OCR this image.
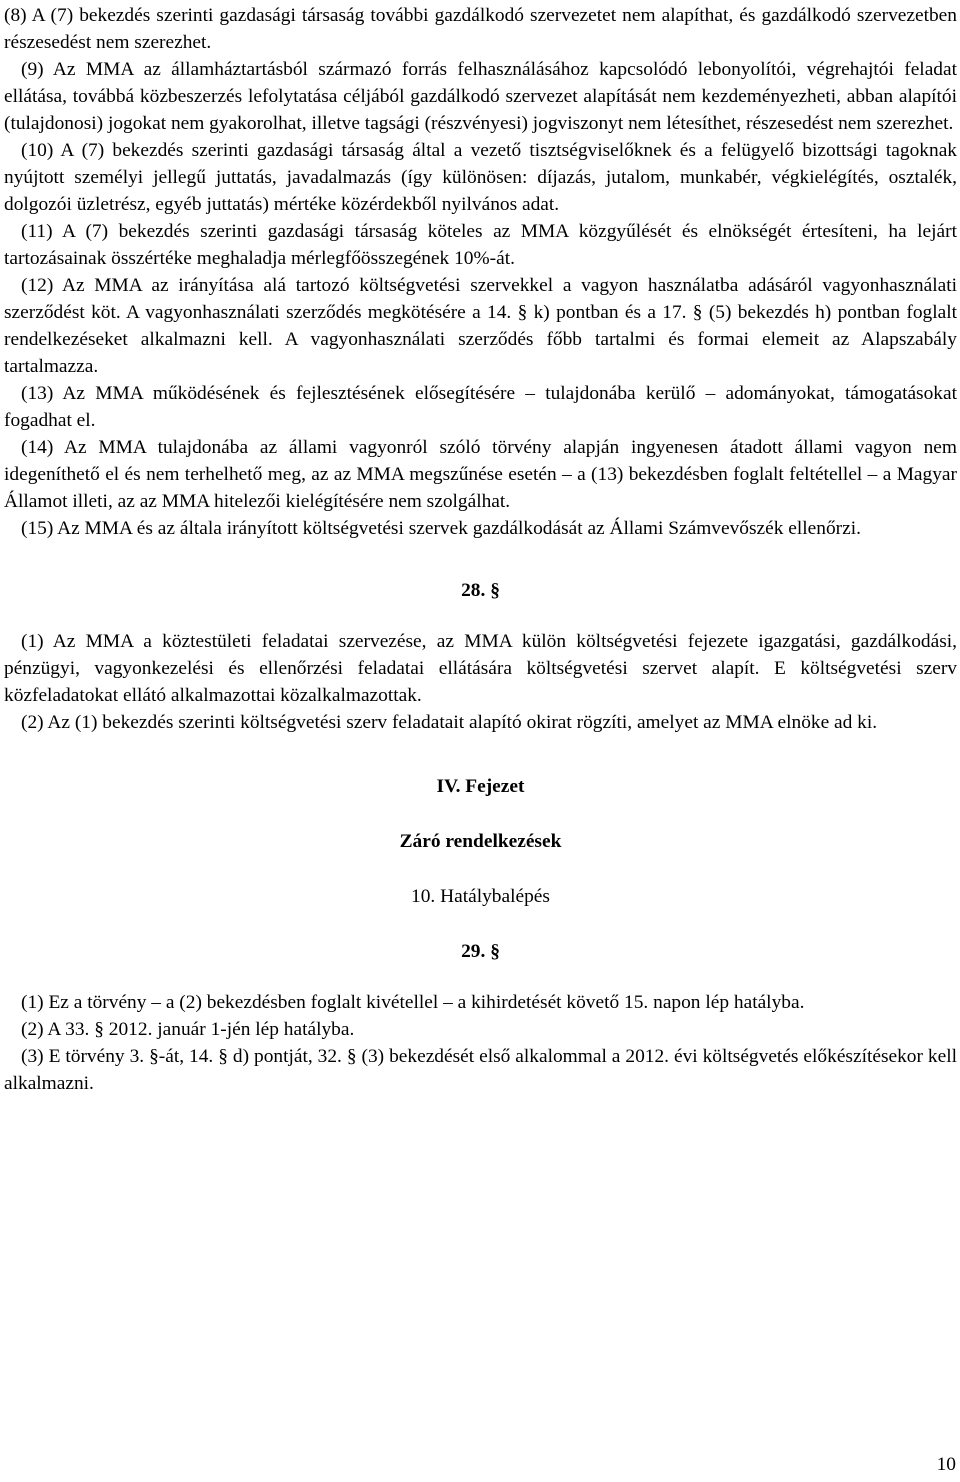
(8) A (7) bekezdés szerinti gazdasági társaság további gazdálkodó szervezetet nem alapíthat, és gazdálkodó szervezetben részesedést nem szerezhet.

(9) Az MMA az államháztartásból származó forrás felhasználásához kapcsolódó lebonyolítói, végrehajtói feladat ellátása, továbbá közbeszerzés lefolytatása céljából gazdálkodó szervezet alapítását nem kezdeményezheti, abban alapítói (tulajdonosi) jogokat nem gyakorolhat, illetve tagsági (részvényesi) jogviszonyt nem létesíthet, részesedést nem szerezhet.

(10) A (7) bekezdés szerinti gazdasági társaság által a vezető tisztségviselőknek és a felügyelő bizottsági tagoknak nyújtott személyi jellegű juttatás, javadalmazás (így különösen: díjazás, jutalom, munkabér, végkielégítés, osztalék, dolgozói üzletrész, egyéb juttatás) mértéke közérdekből nyilvános adat.

(11) A (7) bekezdés szerinti gazdasági társaság köteles az MMA közgyűlését és elnökségét értesíteni, ha lejárt tartozásainak összértéke meghaladja mérlegfőösszegének 10%-át.

(12) Az MMA az irányítása alá tartozó költségvetési szervekkel a vagyon használatba adásáról vagyonhasználati szerződést köt. A vagyonhasználati szerződés megkötésére a 14. § k) pontban és a 17. § (5) bekezdés h) pontban foglalt rendelkezéseket alkalmazni kell. A vagyonhasználati szerződés főbb tartalmi és formai elemeit az Alapszabály tartalmazza.

(13) Az MMA működésének és fejlesztésének elősegítésére – tulajdonába kerülő – adományokat, támogatásokat fogadhat el.

(14) Az MMA tulajdonába az állami vagyonról szóló törvény alapján ingyenesen átadott állami vagyon nem idegeníthető el és nem terhelhető meg, az az MMA megszűnése esetén – a (13) bekezdésben foglalt feltétellel – a Magyar Államot illeti, az az MMA hitelezői kielégítésére nem szolgálhat.

(15) Az MMA és az általa irányított költségvetési szervek gazdálkodását az Állami Számvevőszék ellenőrzi.

28. §

(1) Az MMA a köztestületi feladatai szervezése, az MMA külön költségvetési fejezete igazgatási, gazdálkodási, pénzügyi, vagyonkezelési és ellenőrzési feladatai ellátására költségvetési szervet alapít. E költségvetési szerv közfeladatokat ellátó alkalmazottai közalkalmazottak.

(2) Az (1) bekezdés szerinti költségvetési szerv feladatait alapító okirat rögzíti, amelyet az MMA elnöke ad ki.

IV. Fejezet

Záró rendelkezések

10. Hatálybalépés

29. §

(1) Ez a törvény – a (2) bekezdésben foglalt kivétellel – a kihirdetését követő 15. napon lép hatályba.

(2) A 33. § 2012. január 1-jén lép hatályba.

(3) E törvény 3. §-át, 14. § d) pontját, 32. § (3) bekezdését első alkalommal a 2012. évi költségvetés előkészítésekor kell alkalmazni.

10
